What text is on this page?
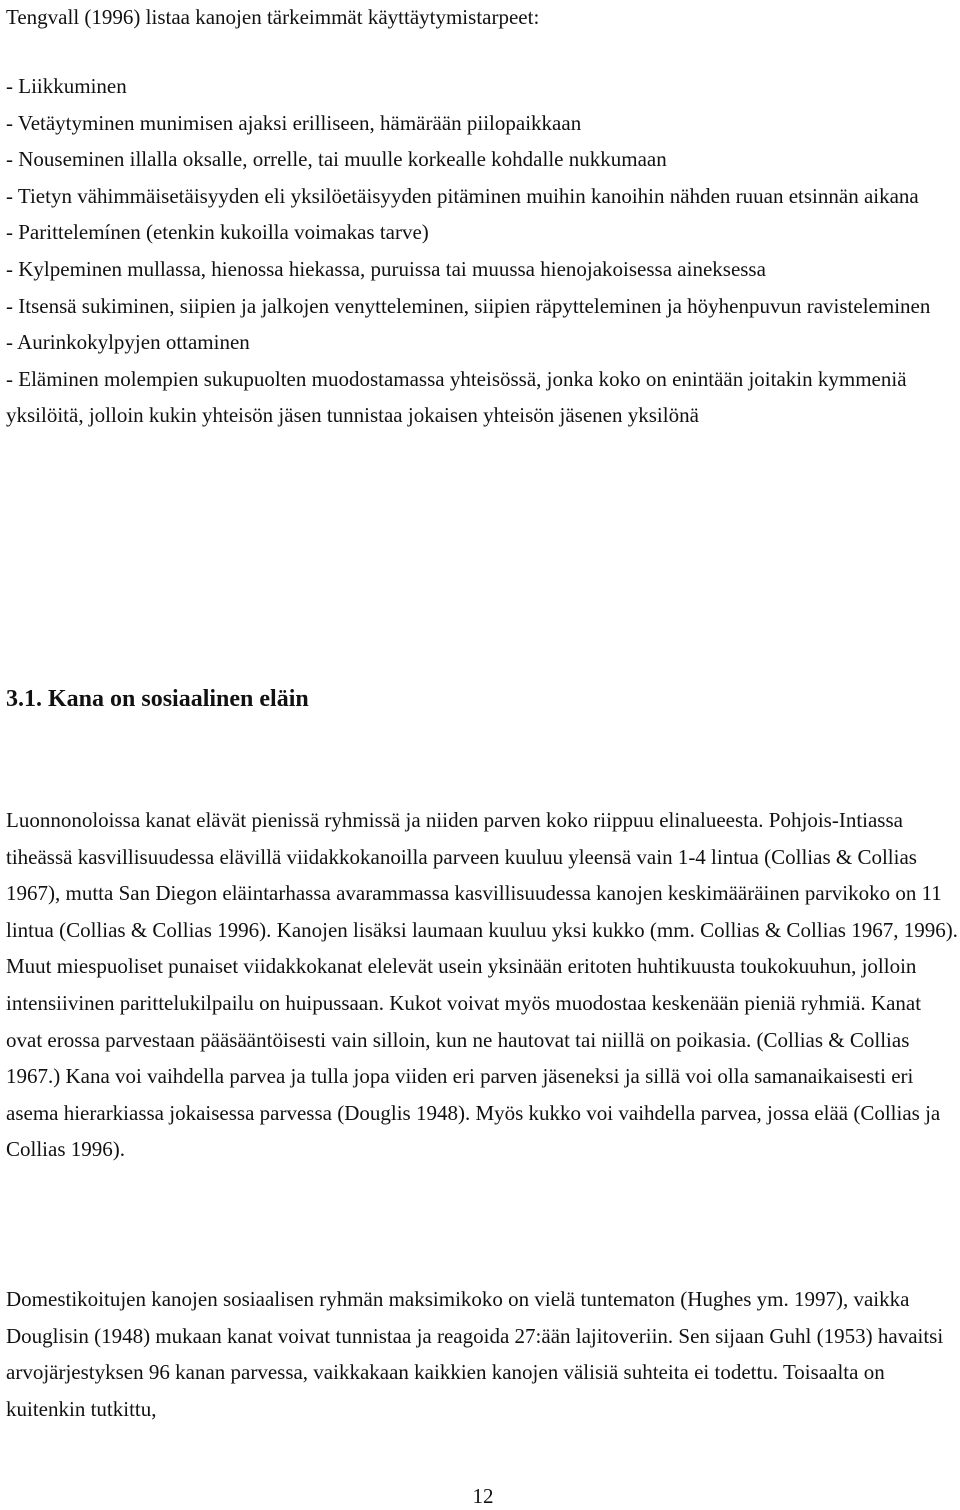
Tengvall (1996) listaa kanojen tärkeimmät käyttäytymistarpeet:

- Liikkuminen
- Vetäytyminen munimisen ajaksi erilliseen, hämärään piilopaikkaan
- Nouseminen illalla oksalle, orrelle, tai muulle korkealle kohdalle nukkumaan
- Tietyn vähimmäisetäisyyden eli yksilöetäisyyden pitäminen muihin kanoihin nähden ruuan etsinnän aikana
- Parittelemínen (etenkin kukoilla voimakas tarve)
- Kylpeminen mullassa, hienossa hiekassa, puruissa tai muussa hienojakoisessa aineksessa
- Itsensä sukiminen, siipien ja jalkojen venytteleminen, siipien räpytteleminen ja höyhenpuvun ravisteleminen
- Aurinkokylpyjen ottaminen
- Eläminen molempien sukupuolten muodostamassa yhteisössä, jonka koko on enintään joitakin kymmeniä yksilöitä, jolloin kukin yhteisön jäsen tunnistaa jokaisen yhteisön jäsenen yksilönä
3.1. Kana on sosiaalinen eläin

Luonnonoloissa kanat elävät pienissä ryhmissä ja niiden parven koko riippuu elinalueesta. Pohjois-Intiassa tiheässä kasvillisuudessa elävillä viidakkokanoilla parveen kuuluu yleensä vain 1-4 lintua (Collias & Collias 1967), mutta San Diegon eläintarhassa avarammassa kasvillisuudessa kanojen keskimääräinen parvikoko on 11 lintua (Collias & Collias 1996). Kanojen lisäksi laumaan kuuluu yksi kukko (mm. Collias & Collias 1967, 1996). Muut miespuoliset punaiset viidakkokanat elelevät usein yksinään eritoten huhtikuusta toukokuuhun, jolloin intensiivinen parittelukilpailu on huipussaan. Kukot voivat myös muodostaa keskenään pieniä ryhmiä. Kanat ovat erossa parvestaan pääsääntöisesti vain silloin, kun ne hautovat tai niillä on poikasia. (Collias & Collias 1967.) Kana voi vaihdella parvea ja tulla jopa viiden eri parven jäseneksi ja sillä voi olla samanaikaisesti eri asema hierarkiassa jokaisessa parvessa (Douglis 1948). Myös kukko voi vaihdella parvea, jossa elää (Collias ja Collias 1996).

Domestikoitujen kanojen sosiaalisen ryhmän maksimikoko on vielä tuntematon (Hughes ym. 1997), vaikka Douglisin (1948) mukaan kanat voivat tunnistaa ja reagoida 27:ään lajitoveriin. Sen sijaan Guhl (1953) havaitsi arvojärjestyksen 96 kanan parvessa, vaikkakaan kaikkien kanojen välisiä suhteita ei todettu. Toisaalta on kuitenkin tutkittu,

12
